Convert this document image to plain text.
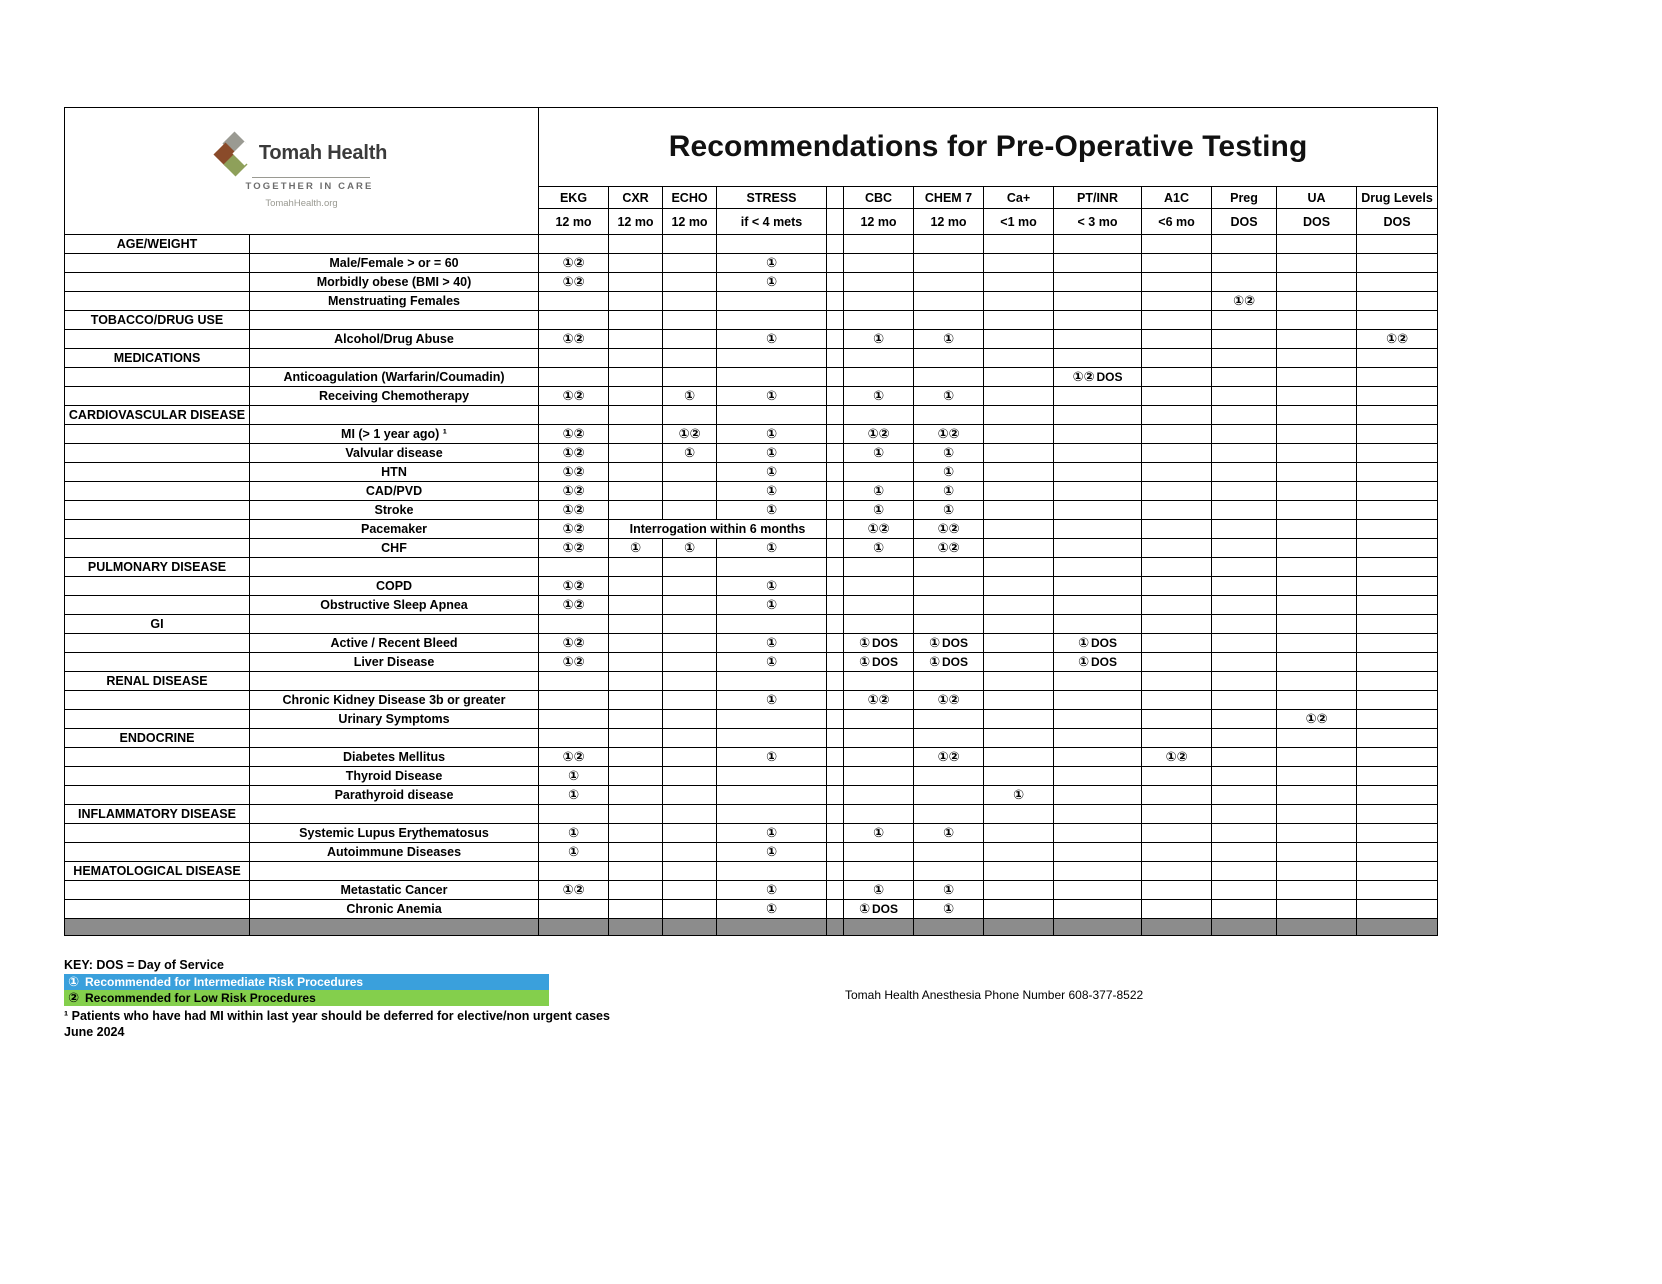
Tomah Health
TOGETHER IN CARE
TomahHealth.org		Recommendations for Pre-Operative Testing												

		EKG	CXR	ECHO	STRESS		CBC	CHEM 7	Ca+	PT/INR	A1C	Preg	UA	Drug Levels
		12 mo	12 mo	12 mo	if < 4 mets		12 mo	12 mo	<1 mo	< 3 mo	<6 mo	DOS	DOS	DOS
AGE/WEIGHT														
	Male/Female > or = 60	①②			①									
	Morbidly obese (BMI > 40)	①②			①									
	Menstruating Females											①②		
TOBACCO/DRUG USE														
	Alcohol/Drug Abuse	①②			①		①	①						①②
MEDICATIONS														
	Anticoagulation (Warfarin/Coumadin)									①② DOS				
	Receiving Chemotherapy	①②		①	①		①	①						
CARDIOVASCULAR DISEASE														
	MI (> 1 year ago) ¹	①②		①②	①		①②	①②						
	Valvular disease	①②		①	①		①	①						
	HTN	①②			①			①						
	CAD/PVD	①②			①		①	①						
	Stroke	①②			①		①	①						
	Pacemaker	①②	Interrogation within 6 months				①②	①②						
	CHF	①②	①	①	①		①	①②						
PULMONARY DISEASE														
	COPD	①②			①									
	Obstructive Sleep Apnea	①②			①									
GI														
	Active / Recent Bleed	①②			①		① DOS	① DOS		① DOS				
	Liver Disease	①②			①		① DOS	① DOS		① DOS				
RENAL DISEASE														
	Chronic Kidney Disease 3b or greater				①		①②	①②						
	Urinary Symptoms												①②	
ENDOCRINE														
	Diabetes Mellitus	①②			①			①②			①②			
	Thyroid Disease	①												
	Parathyroid disease	①							①					
INFLAMMATORY DISEASE														
	Systemic Lupus Erythematosus	①			①		①	①						
	Autoimmune Diseases	①			①									
HEMATOLOGICAL DISEASE														
	Metastatic Cancer	①②			①		①	①						
	Chronic Anemia				①		① DOS	①						

KEY: DOS = Day of Service
① Recommended for Intermediate Risk Procedures
② Recommended for Low Risk Procedures
¹ Patients who have had MI within last year should be deferred for elective/non urgent cases
June 2024
Tomah Health Anesthesia Phone Number 608-377-8522
